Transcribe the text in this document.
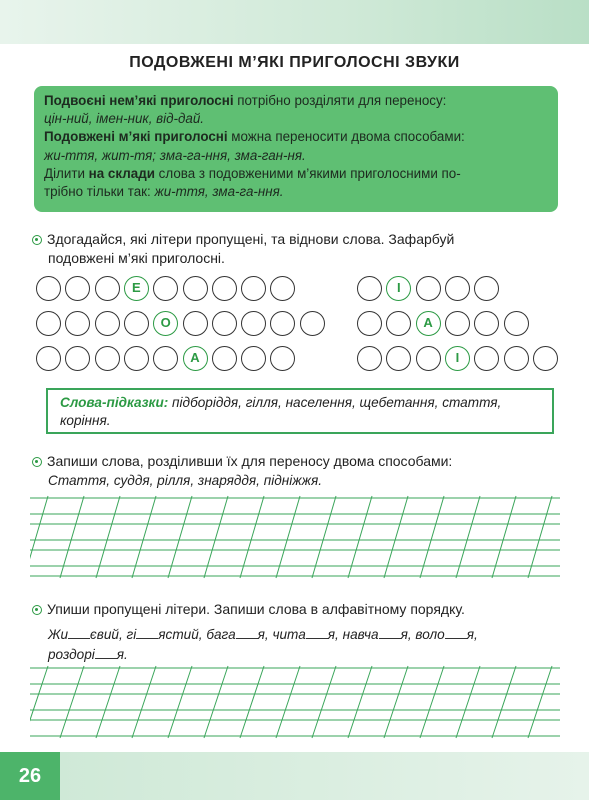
ПОДОВЖЕНІ М’ЯКІ ПРИГОЛОСНІ ЗВУКИ

Подвоєні нем’які приголосні потрібно розділяти для переносу:

цін-ний, імен-ник, від-дай.

Подовжені м’які приголосні можна переносити двома способами:

жи-ття, жит-тя; зма-га-ння, зма-ган-ня.

Ділити на склади слова з подовженими м’якими приголосними по-

трібно тільки так: жи-ття, зма-га-ння.

Здогадайся, які літери пропущені, та віднови слова. Зафарбуй
подовжені м’які приголосні.
Е
О
А
І
А
І
Слова-підказки: підборіддя, гілля, населення, щебетання, стаття,
коріння.
Запиши слова, розділивши їх для переносу двома способами:
Стаття, суддя, рілля, знаряддя, підніжжя.
Упиши пропущені літери. Запиши слова в алфавітному порядку.
Жи євий, гі ястий, бага я, чита я, навча я, воло я,
роздорі я.
26
